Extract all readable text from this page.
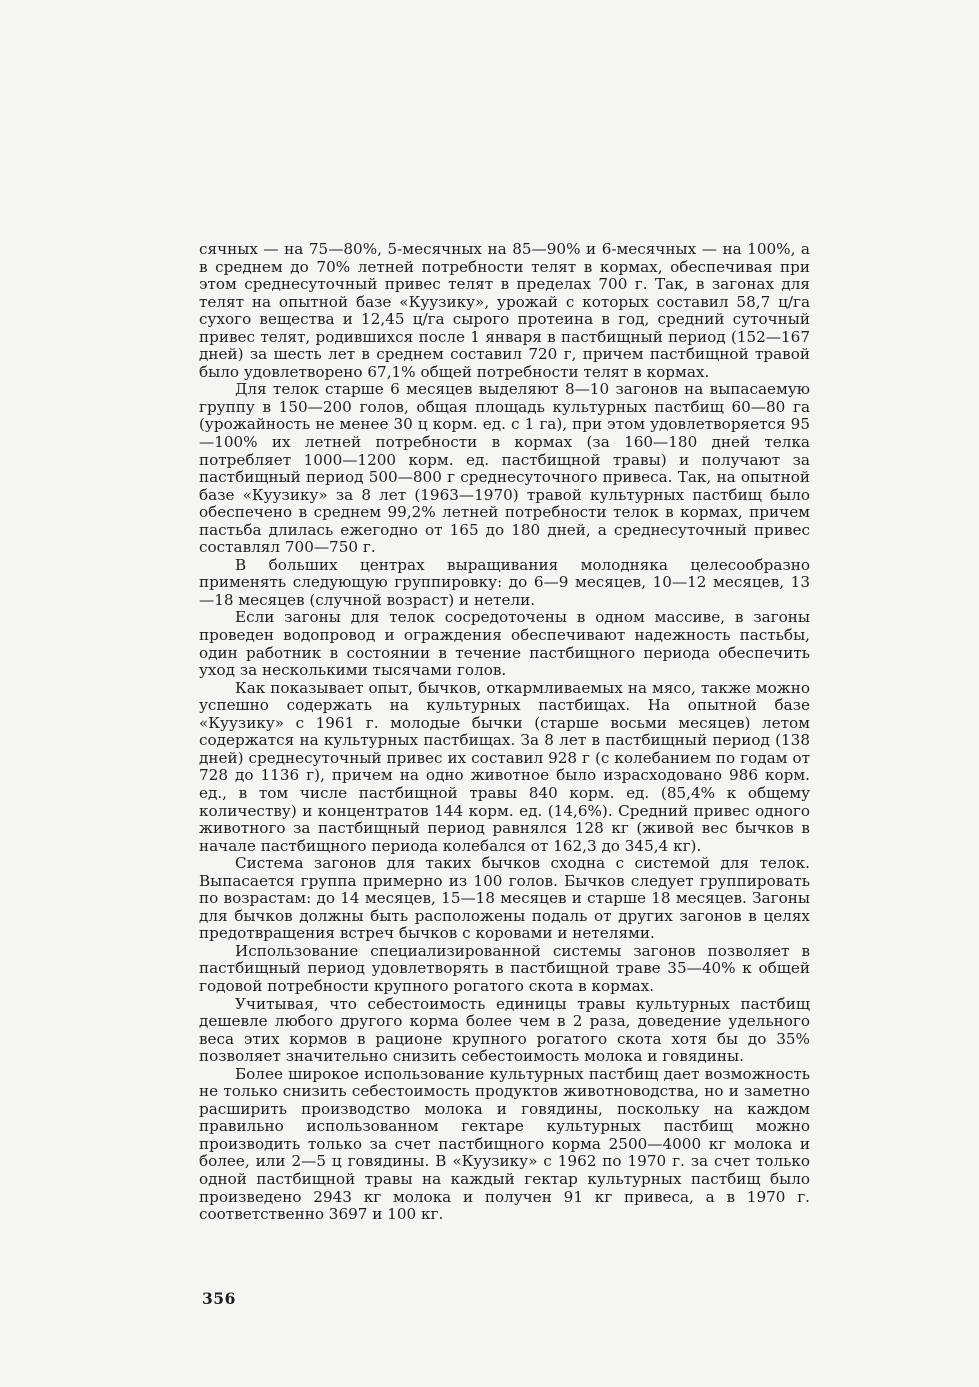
сячных — на 75—80%, 5-месячных на 85—90% и 6-месячных — на 100%, а в среднем до 70% летней потребности телят в кормах, обеспечивая при этом среднесуточный привес телят в пределах 700 г. Так, в загонах для телят на опытной базе «Куузику», урожай с которых составил 58,7 ц/га сухого вещества и 12,45 ц/га сырого протеина в год, средний суточный привес телят, родившихся после 1 января в пастбищный период (152—167 дней) за шесть лет в среднем составил 720 г, причем пастбищной травой было удовлетворено 67,1% общей потребности телят в кормах.

Для телок старше 6 месяцев выделяют 8—10 загонов на выпасаемую группу в 150—200 голов, общая площадь культурных пастбищ 60—80 га (урожайность не менее 30 ц корм. ед. с 1 га), при этом удовлетворяется 95—100% их летней потребности в кормах (за 160—180 дней телка потребляет 1000—1200 корм. ед. пастбищной травы) и получают за пастбищный период 500—800 г среднесуточного привеса. Так, на опытной базе «Куузику» за 8 лет (1963—1970) травой культурных пастбищ было обеспечено в среднем 99,2% летней потребности телок в кормах, причем пастьба длилась ежегодно от 165 до 180 дней, а среднесуточный привес составлял 700—750 г.

В больших центрах выращивания молодняка целесообразно применять следующую группировку: до 6—9 месяцев, 10—12 месяцев, 13—18 месяцев (случной возраст) и нетели.

Если загоны для телок сосредоточены в одном массиве, в загоны проведен водопровод и ограждения обеспечивают надежность пастьбы, один работник в состоянии в течение пастбищного периода обеспечить уход за несколькими тысячами голов.

Как показывает опыт, бычков, откармливаемых на мясо, также можно успешно содержать на культурных пастбищах. На опытной базе «Куузику» с 1961 г. молодые бычки (старше восьми месяцев) летом содержатся на культурных пастбищах. За 8 лет в пастбищный период (138 дней) среднесуточный привес их составил 928 г (с колебанием по годам от 728 до 1136 г), причем на одно животное было израсходовано 986 корм. ед., в том числе пастбищной травы 840 корм. ед. (85,4% к общему количеству) и концентратов 144 корм. ед. (14,6%). Средний привес одного животного за пастбищный период равнялся 128 кг (живой вес бычков в начале пастбищного периода колебался от 162,3 до 345,4 кг).

Система загонов для таких бычков сходна с системой для телок. Выпасается группа примерно из 100 голов. Бычков следует группировать по возрастам: до 14 месяцев, 15—18 месяцев и старше 18 месяцев. Загоны для бычков должны быть расположены подаль от других загонов в целях предотвращения встреч бычков с коровами и нетелями.

Использование специализированной системы загонов позволяет в пастбищный период удовлетворять в пастбищной траве 35—40% к общей годовой потребности крупного рогатого скота в кормах.

Учитывая, что себестоимость единицы травы культурных пастбищ дешевле любого другого корма более чем в 2 раза, доведение удельного веса этих кормов в рационе крупного рогатого скота хотя бы до 35% позволяет значительно снизить себестоимость молока и говядины.

Более широкое использование культурных пастбищ дает возможность не только снизить себестоимость продуктов животноводства, но и заметно расширить производство молока и говядины, поскольку на каждом правильно использованном гектаре культурных пастбищ можно производить только за счет пастбищного корма 2500—4000 кг молока и более, или 2—5 ц говядины. В «Куузику» с 1962 по 1970 г. за счет только одной пастбищной травы на каждый гектар культурных пастбищ было произведено 2943 кг молока и получен 91 кг привеса, а в 1970 г. соответственно 3697 и 100 кг.

356
